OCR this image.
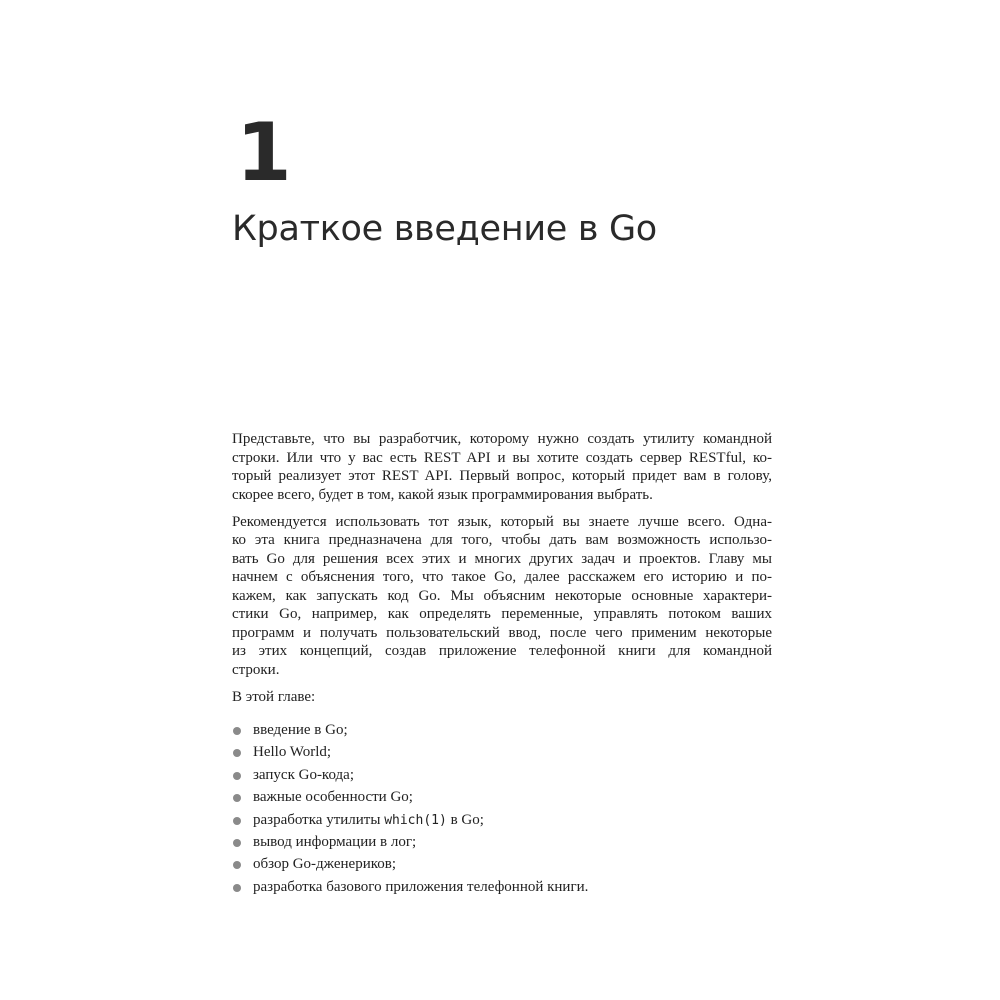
1
Краткое введение в Go

Представьте, что вы разработчик, которому нужно создать утилиту командной
строки. Или что у вас есть REST API и вы хотите создать сервер RESTful, ко-
торый реализует этот REST API. Первый вопрос, который придет вам в голову,
скорее всего, будет в том, какой язык программирования выбрать.

Рекомендуется использовать тот язык, который вы знаете лучше всего. Одна-
ко эта книга предназначена для того, чтобы дать вам возможность использо-
вать Go для решения всех этих и многих других задач и проектов. Главу мы
начнем с объяснения того, что такое Go, далее расскажем его историю и по-
кажем, как запускать код Go. Мы объясним некоторые основные характери-
стики Go, например, как определять переменные, управлять потоком ваших
программ и получать пользовательский ввод, после чего применим некоторые
из этих концепций, создав приложение телефонной книги для командной
строки.

В этой главе:

введение в Go;
Hello World;
запуск Go-кода;
важные особенности Go;
разработка утилиты which(1) в Go;
вывод информации в лог;
обзор Go-дженериков;
разработка базового приложения телефонной книги.
